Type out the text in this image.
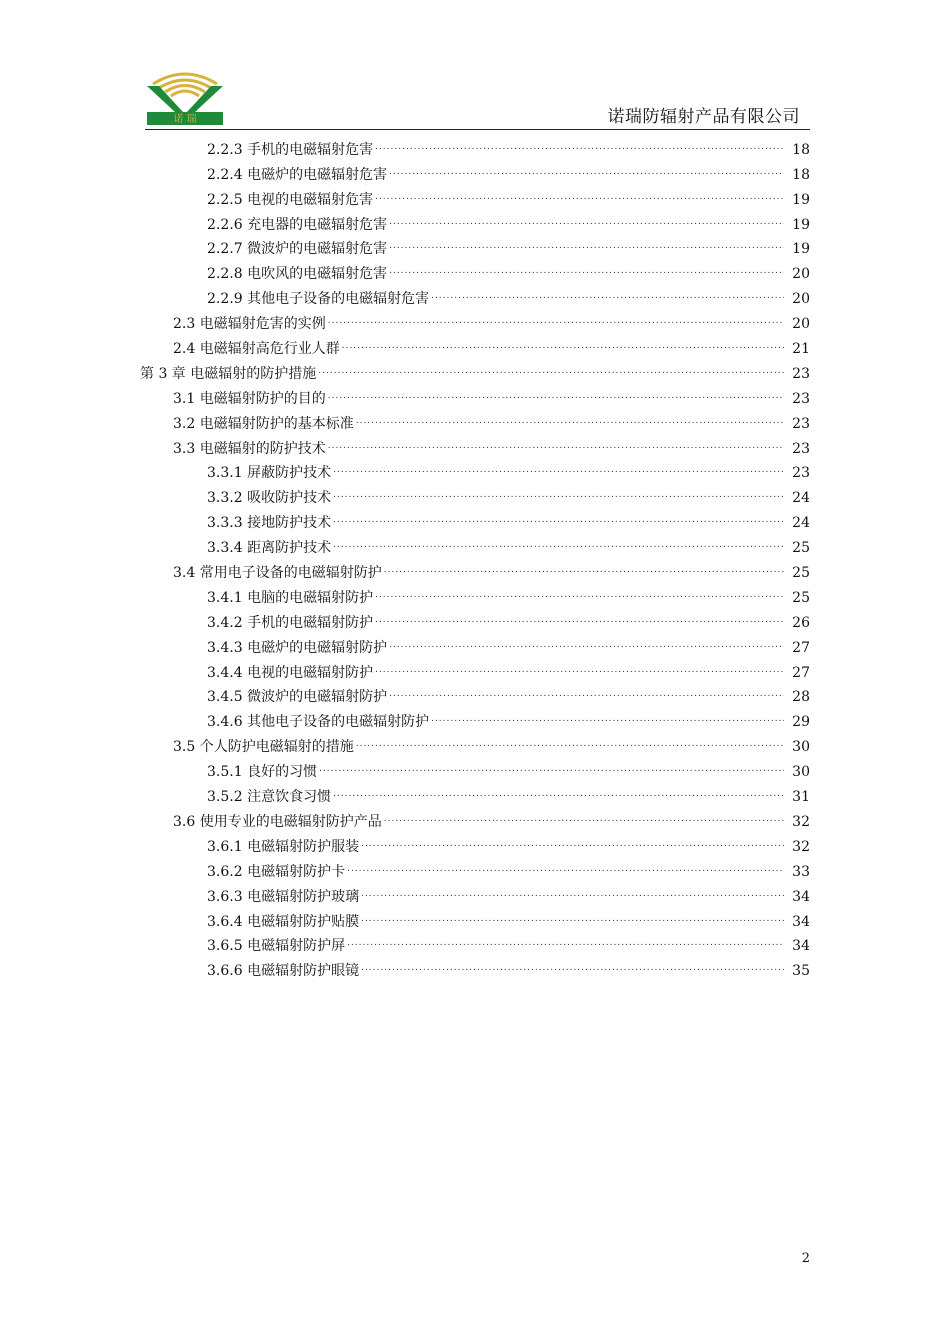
诺 瑞	诺瑞防辐射产品有限公司
2.2.3 手机的电磁辐射危害 .....	18
2.2.4 电磁炉的电磁辐射危害 .....	18
2.2.5 电视的电磁辐射危害 .....	19
2.2.6 充电器的电磁辐射危害 .....	19
2.2.7 微波炉的电磁辐射危害 .....	19
2.2.8 电吹风的电磁辐射危害 .....	20
2.2.9 其他电子设备的电磁辐射危害 .....	20
2.3 电磁辐射危害的实例 .....	20
2.4 电磁辐射高危行业人群 .....	21
第 3 章 电磁辐射的防护措施 .....	23
3.1 电磁辐射防护的目的 .....	23
3.2 电磁辐射防护的基本标准 .....	23
3.3 电磁辐射的防护技术 .....	23
3.3.1 屏蔽防护技术 .....	23
3.3.2 吸收防护技术 .....	24
3.3.3 接地防护技术 .....	24
3.3.4 距离防护技术 .....	25
3.4 常用电子设备的电磁辐射防护 .....	25
3.4.1 电脑的电磁辐射防护 .....	25
3.4.2 手机的电磁辐射防护 .....	26
3.4.3 电磁炉的电磁辐射防护 .....	27
3.4.4 电视的电磁辐射防护 .....	27
3.4.5 微波炉的电磁辐射防护 .....	28
3.4.6 其他电子设备的电磁辐射防护 .....	29
3.5 个人防护电磁辐射的措施 .....	30
3.5.1 良好的习惯 .....	30
3.5.2 注意饮食习惯 .....	31
3.6 使用专业的电磁辐射防护产品 .....	32
3.6.1 电磁辐射防护服装 .....	32
3.6.2 电磁辐射防护卡 .....	33
3.6.3 电磁辐射防护玻璃 .....	34
3.6.4 电磁辐射防护贴膜 .....	34
3.6.5 电磁辐射防护屏 .....	34
3.6.6 电磁辐射防护眼镜 .....	35
2
